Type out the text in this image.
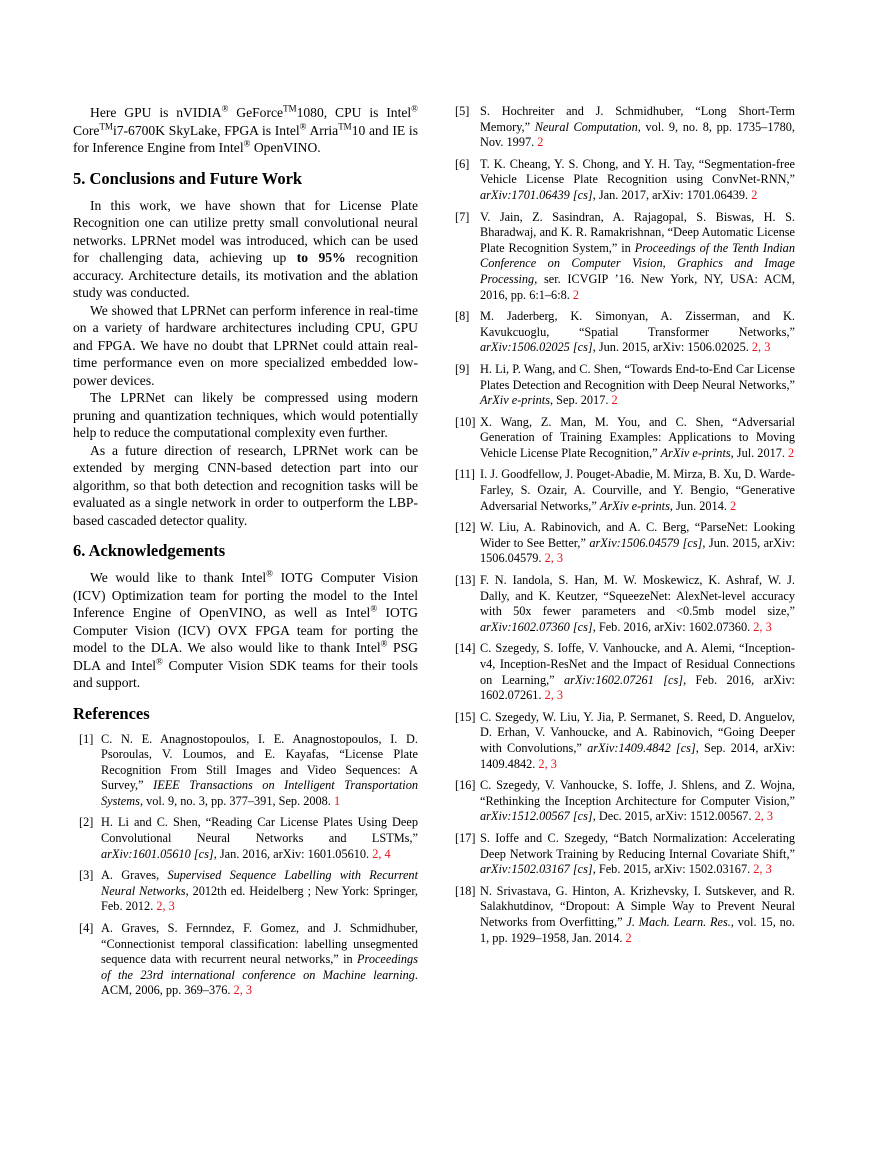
Here GPU is nVIDIA® GeForce™1080, CPU is Intel® Core™i7-6700K SkyLake, FPGA is Intel® Arria™10 and IE is for Inference Engine from Intel® OpenVINO.

5. Conclusions and Future Work

In this work, we have shown that for License Plate Recognition one can utilize pretty small convolutional neural networks. LPRNet model was introduced, which can be used for challenging data, achieving up to 95% recognition accuracy. Architecture details, its motivation and the ablation study was conducted.

We showed that LPRNet can perform inference in real-time on a variety of hardware architectures including CPU, GPU and FPGA. We have no doubt that LPRNet could attain real-time performance even on more specialized embedded low-power devices.

The LPRNet can likely be compressed using modern pruning and quantization techniques, which would potentially help to reduce the computational complexity even further.

As a future direction of research, LPRNet work can be extended by merging CNN-based detection part into our algorithm, so that both detection and recognition tasks will be evaluated as a single network in order to outperform the LBP-based cascaded detector quality.

6. Acknowledgements

We would like to thank Intel® IOTG Computer Vision (ICV) Optimization team for porting the model to the Intel Inference Engine of OpenVINO, as well as Intel® IOTG Computer Vision (ICV) OVX FPGA team for porting the model to the DLA. We also would like to thank Intel® PSG DLA and Intel® Computer Vision SDK teams for their tools and support.

References
[1] C. N. E. Anagnostopoulos, I. E. Anagnostopoulos, I. D. Psoroulas, V. Loumos, and E. Kayafas, “License Plate Recognition From Still Images and Video Sequences: A Survey,” IEEE Transactions on Intelligent Transportation Systems, vol. 9, no. 3, pp. 377–391, Sep. 2008. 1
[2] H. Li and C. Shen, “Reading Car License Plates Using Deep Convolutional Neural Networks and LSTMs,” arXiv:1601.05610 [cs], Jan. 2016, arXiv: 1601.05610. 2, 4
[3] A. Graves, Supervised Sequence Labelling with Recurrent Neural Networks, 2012th ed. Heidelberg ; New York: Springer, Feb. 2012. 2, 3
[4] A. Graves, S. Fernndez, F. Gomez, and J. Schmidhuber, “Connectionist temporal classification: labelling unsegmented sequence data with recurrent neural networks,” in Proceedings of the 23rd international conference on Machine learning. ACM, 2006, pp. 369–376. 2, 3
[5] S. Hochreiter and J. Schmidhuber, “Long Short-Term Memory,” Neural Computation, vol. 9, no. 8, pp. 1735–1780, Nov. 1997. 2
[6] T. K. Cheang, Y. S. Chong, and Y. H. Tay, “Segmentation-free Vehicle License Plate Recognition using ConvNet-RNN,” arXiv:1701.06439 [cs], Jan. 2017, arXiv: 1701.06439. 2
[7] V. Jain, Z. Sasindran, A. Rajagopal, S. Biswas, H. S. Bharadwaj, and K. R. Ramakrishnan, “Deep Automatic License Plate Recognition System,” in Proceedings of the Tenth Indian Conference on Computer Vision, Graphics and Image Processing, ser. ICVGIP ’16. New York, NY, USA: ACM, 2016, pp. 6:1–6:8. 2
[8] M. Jaderberg, K. Simonyan, A. Zisserman, and K. Kavukcuoglu, “Spatial Transformer Networks,” arXiv:1506.02025 [cs], Jun. 2015, arXiv: 1506.02025. 2, 3
[9] H. Li, P. Wang, and C. Shen, “Towards End-to-End Car License Plates Detection and Recognition with Deep Neural Networks,” ArXiv e-prints, Sep. 2017. 2
[10] X. Wang, Z. Man, M. You, and C. Shen, “Adversarial Generation of Training Examples: Applications to Moving Vehicle License Plate Recognition,” ArXiv e-prints, Jul. 2017. 2
[11] I. J. Goodfellow, J. Pouget-Abadie, M. Mirza, B. Xu, D. Warde-Farley, S. Ozair, A. Courville, and Y. Bengio, “Generative Adversarial Networks,” ArXiv e-prints, Jun. 2014. 2
[12] W. Liu, A. Rabinovich, and A. C. Berg, “ParseNet: Looking Wider to See Better,” arXiv:1506.04579 [cs], Jun. 2015, arXiv: 1506.04579. 2, 3
[13] F. N. Iandola, S. Han, M. W. Moskewicz, K. Ashraf, W. J. Dally, and K. Keutzer, “SqueezeNet: AlexNet-level accuracy with 50x fewer parameters and <0.5mb model size,” arXiv:1602.07360 [cs], Feb. 2016, arXiv: 1602.07360. 2, 3
[14] C. Szegedy, S. Ioffe, V. Vanhoucke, and A. Alemi, “Inception-v4, Inception-ResNet and the Impact of Residual Connections on Learning,” arXiv:1602.07261 [cs], Feb. 2016, arXiv: 1602.07261. 2, 3
[15] C. Szegedy, W. Liu, Y. Jia, P. Sermanet, S. Reed, D. Anguelov, D. Erhan, V. Vanhoucke, and A. Rabinovich, “Going Deeper with Convolutions,” arXiv:1409.4842 [cs], Sep. 2014, arXiv: 1409.4842. 2, 3
[16] C. Szegedy, V. Vanhoucke, S. Ioffe, J. Shlens, and Z. Wojna, “Rethinking the Inception Architecture for Computer Vision,” arXiv:1512.00567 [cs], Dec. 2015, arXiv: 1512.00567. 2, 3
[17] S. Ioffe and C. Szegedy, “Batch Normalization: Accelerating Deep Network Training by Reducing Internal Covariate Shift,” arXiv:1502.03167 [cs], Feb. 2015, arXiv: 1502.03167. 2, 3
[18] N. Srivastava, G. Hinton, A. Krizhevsky, I. Sutskever, and R. Salakhutdinov, “Dropout: A Simple Way to Prevent Neural Networks from Overfitting,” J. Mach. Learn. Res., vol. 15, no. 1, pp. 1929–1958, Jan. 2014. 2
